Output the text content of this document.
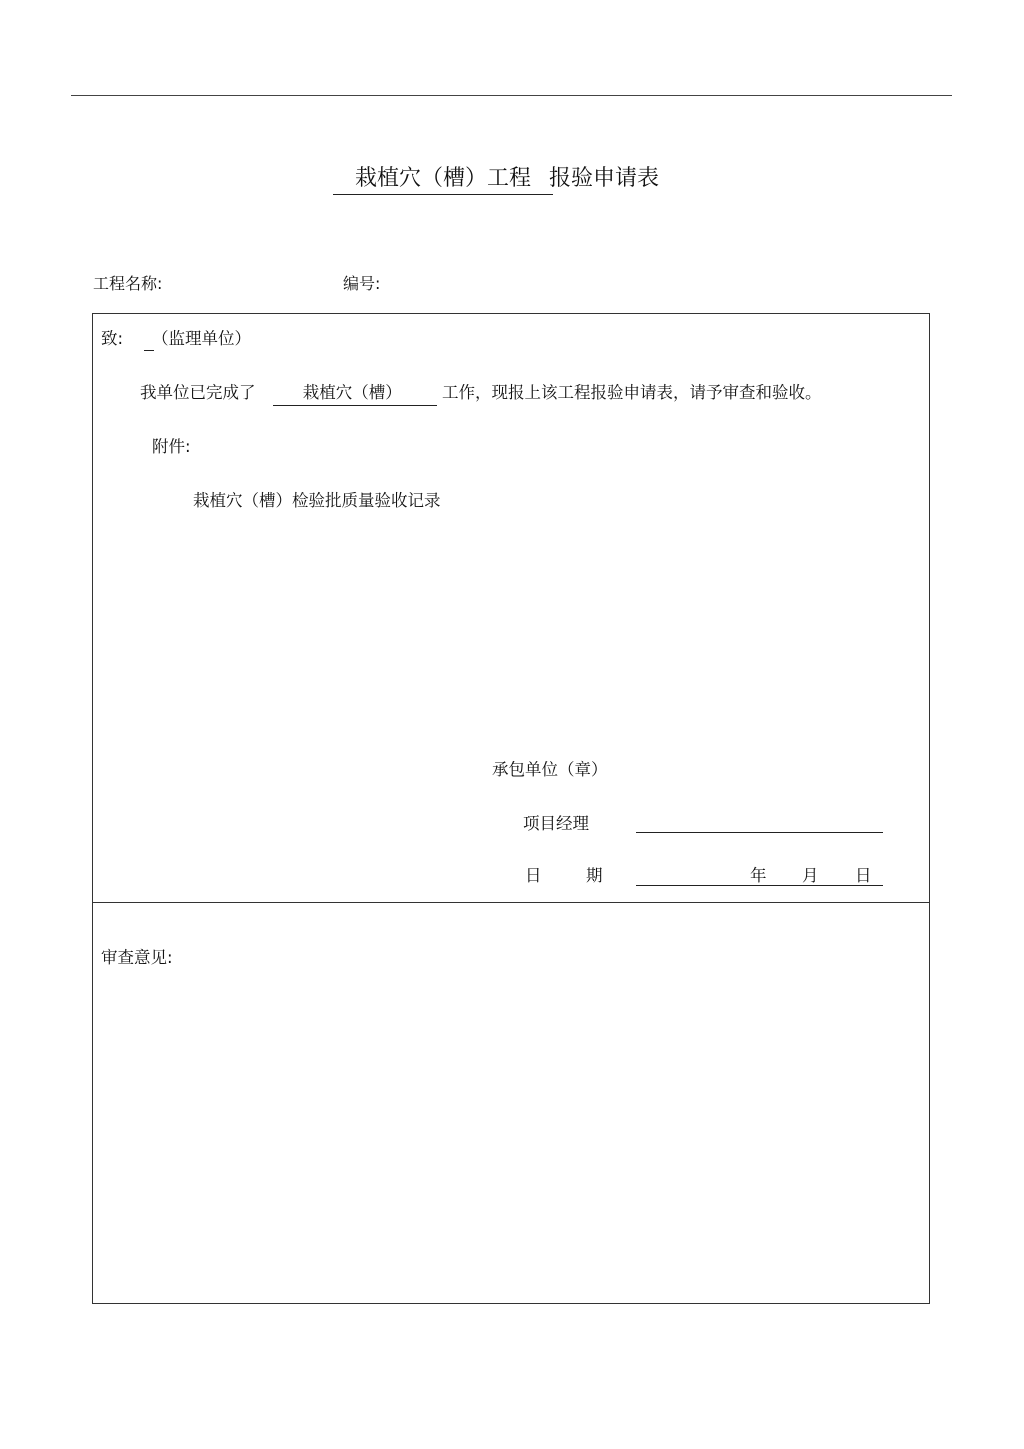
栽植穴（槽）工程 报验申请表
工程名称:	编号:
致: （监理单位）
我单位已完成了	栽植穴（槽） 工作，现报上该工程报验申请表，请予审查和验收。
附件:
栽植穴（槽）检验批质量验收记录
承包单位（章）
项目经理
日	期	年 月 日
审查意见:
